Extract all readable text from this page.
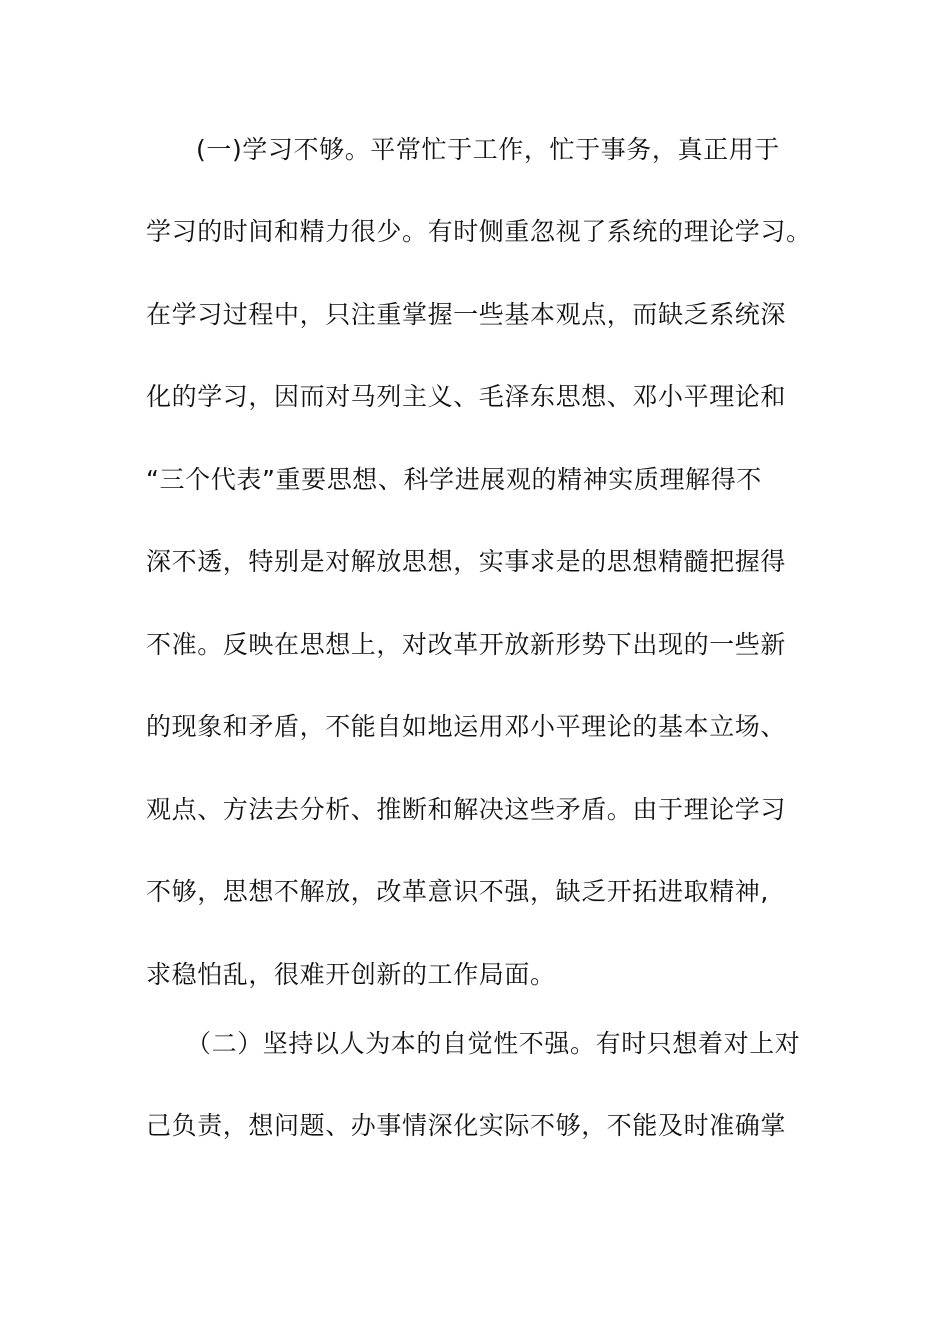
(一)学习不够。平常忙于工作，忙于事务，真正用于
学习的时间和精力很少。有时侧重忽视了系统的理论学习。
在学习过程中，只注重掌握一些基本观点，而缺乏系统深
化的学习，因而对马列主义、毛泽东思想、邓小平理论和
“三个代表”重要思想、科学进展观的精神实质理解得不
深不透，特别是对解放思想，实事求是的思想精髓把握得
不准。反映在思想上，对改革开放新形势下出现的一些新
的现象和矛盾，不能自如地运用邓小平理论的基本立场、
观点、方法去分析、推断和解决这些矛盾。由于理论学习
不够，思想不解放，改革意识不强，缺乏开拓进取精神,
求稳怕乱，很难开创新的工作局面。
（二）坚持以人为本的自觉性不强。有时只想着对上对
己负责，想问题、办事情深化实际不够，不能及时准确掌
